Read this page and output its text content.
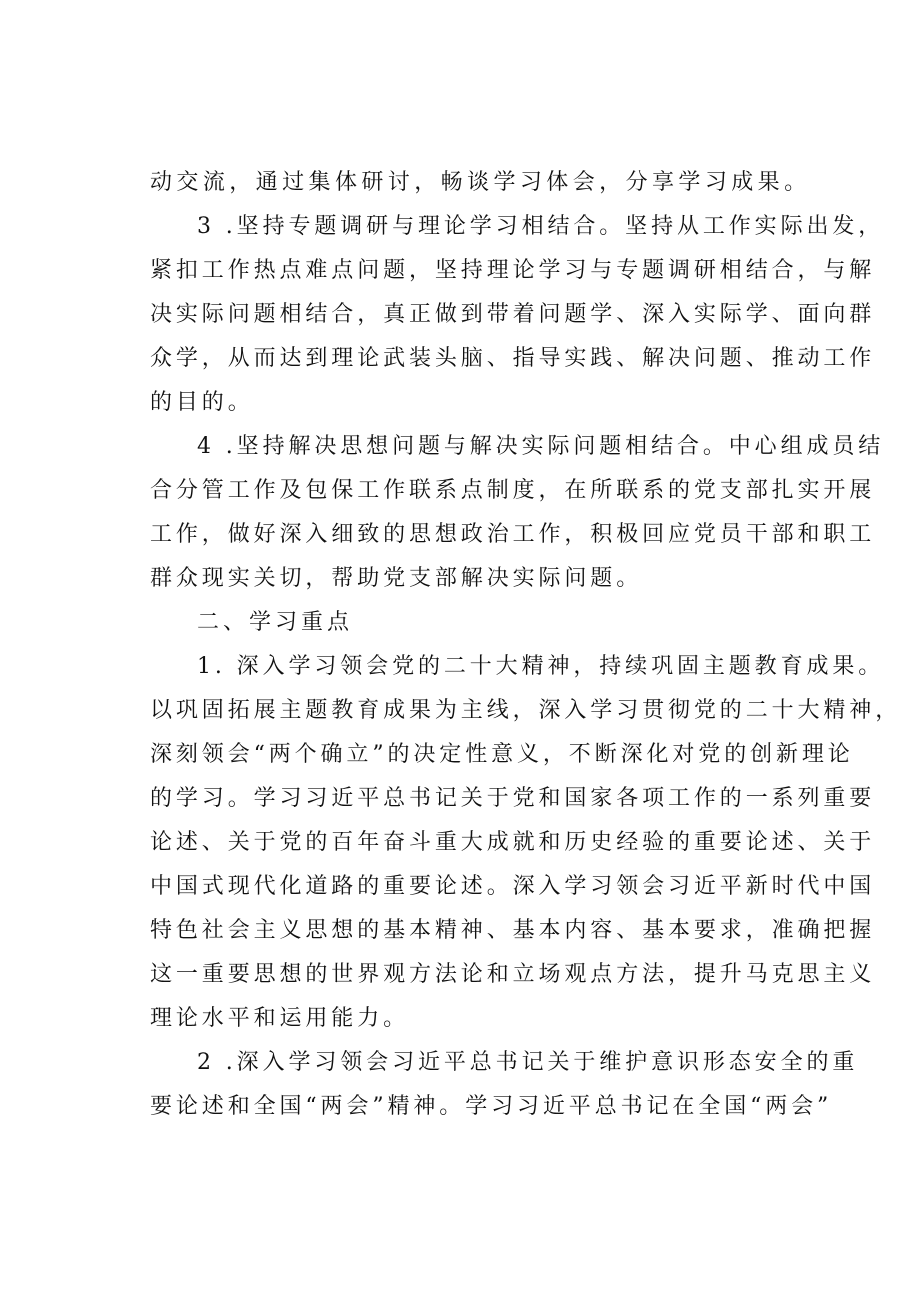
动交流，通过集体研讨，畅谈学习体会，分享学习成果。
3 .坚持专题调研与理论学习相结合。坚持从工作实际出发，
紧扣工作热点难点问题，坚持理论学习与专题调研相结合，与解
决实际问题相结合，真正做到带着问题学、深入实际学、面向群
众学，从而达到理论武装头脑、指导实践、解决问题、推动工作
的目的。
4 .坚持解决思想问题与解决实际问题相结合。中心组成员结
合分管工作及包保工作联系点制度，在所联系的党支部扎实开展
工作，做好深入细致的思想政治工作，积极回应党员干部和职工
群众现实关切，帮助党支部解决实际问题。
二、学习重点
1. 深入学习领会党的二十大精神，持续巩固主题教育成果。
以巩固拓展主题教育成果为主线，深入学习贯彻党的二十大精神，
深刻领会“两个确立”的决定性意义，不断深化对党的创新理论
的学习。学习习近平总书记关于党和国家各项工作的一系列重要
论述、关于党的百年奋斗重大成就和历史经验的重要论述、关于
中国式现代化道路的重要论述。深入学习领会习近平新时代中国
特色社会主义思想的基本精神、基本内容、基本要求，准确把握
这一重要思想的世界观方法论和立场观点方法，提升马克思主义
理论水平和运用能力。
2 .深入学习领会习近平总书记关于维护意识形态安全的重
要论述和全国“两会”精神。学习习近平总书记在全国“两会”
